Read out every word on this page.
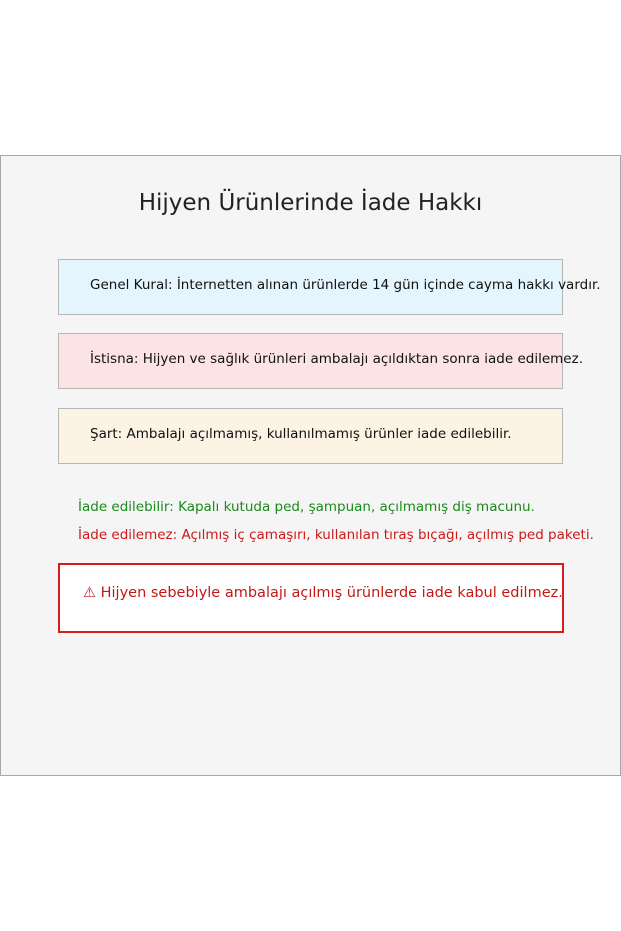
Hijyen Ürünlerinde İade Hakkı
Genel Kural: İnternetten alınan ürünlerde 14 gün içinde cayma hakkı vardır.
İstisna: Hijyen ve sağlık ürünleri ambalajı açıldıktan sonra iade edilemez.
Şart: Ambalajı açılmamış, kullanılmamış ürünler iade edilebilir.
İade edilebilir: Kapalı kutuda ped, şampuan, açılmamış diş macunu.
İade edilemez: Açılmış iç çamaşırı, kullanılan tıraş bıçağı, açılmış ped paketi.
⚠ Hijyen sebebiyle ambalajı açılmış ürünlerde iade kabul edilmez.
